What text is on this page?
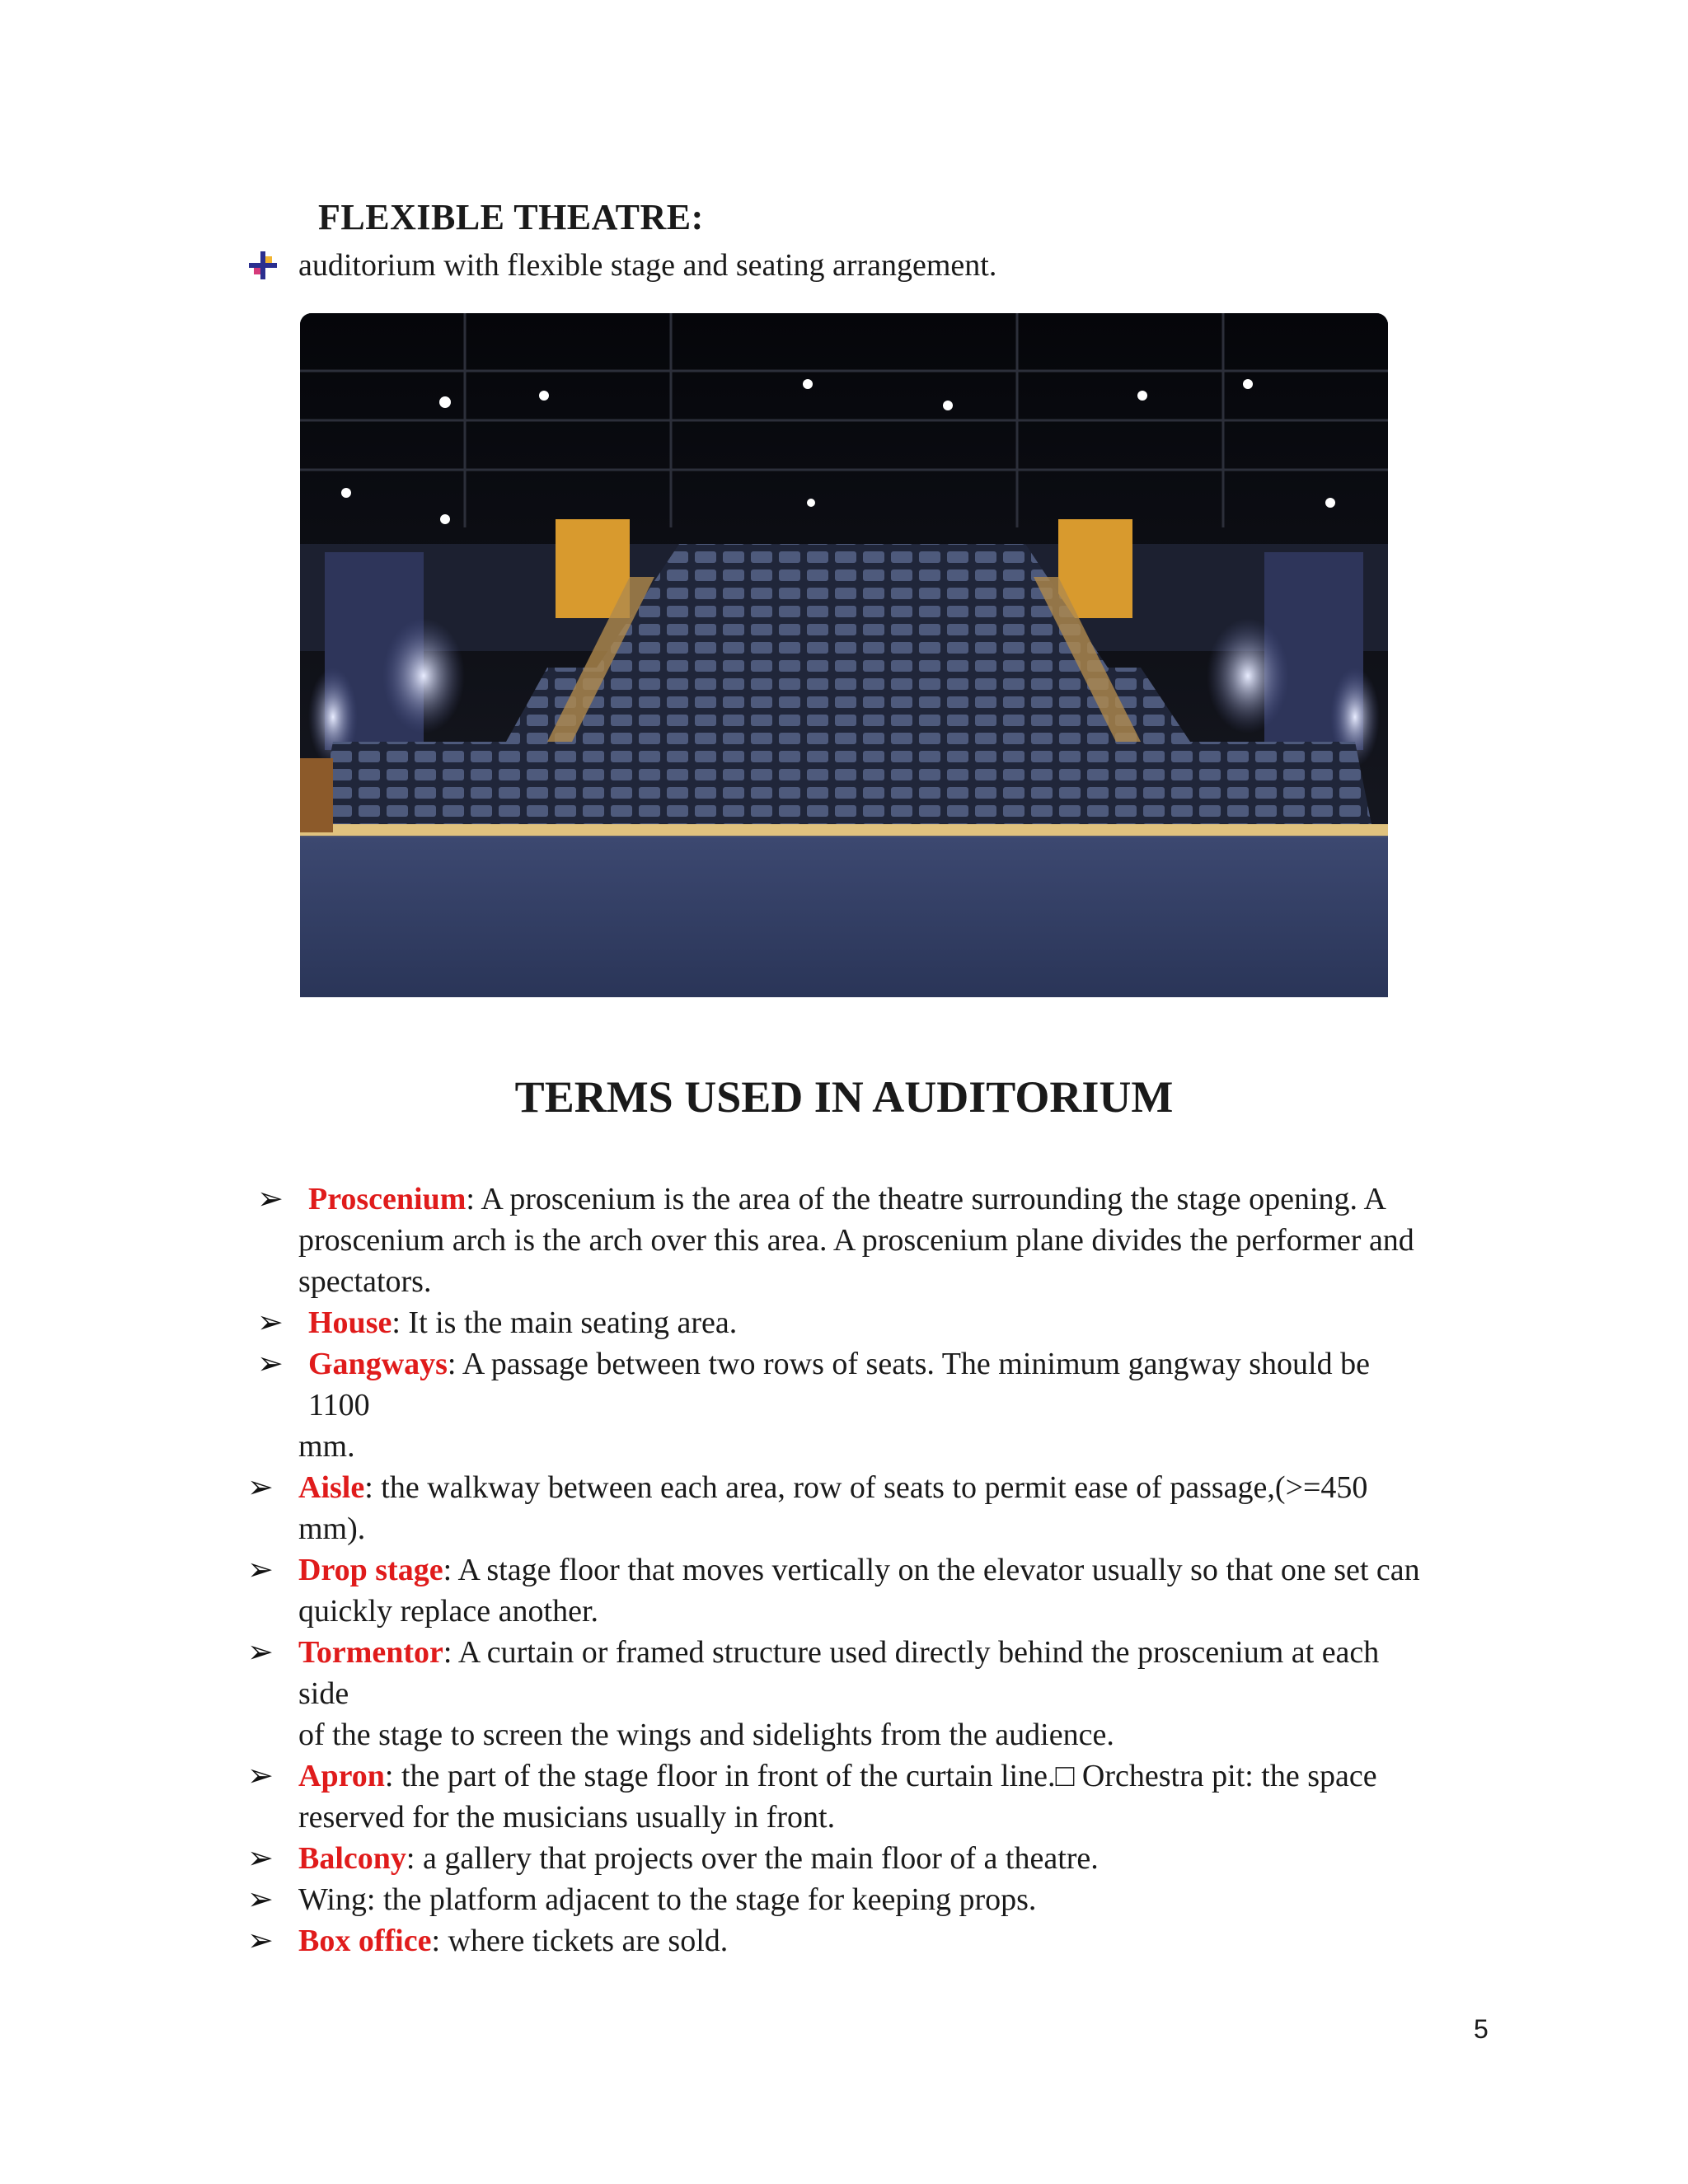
FLEXIBLE THEATRE:
auditorium with flexible stage and seating arrangement.
TERMS USED IN AUDITORIUM
➢ Proscenium: A proscenium is the area of the theatre surrounding the stage opening. A
proscenium arch is the arch over this area. A proscenium plane divides the performer and
spectators.
➢ House: It is the main seating area.
➢ Gangways: A passage between two rows of seats. The minimum gangway should be
1100
mm.
➢ Aisle: the walkway between each area, row of seats to permit ease of passage,(>=450
mm).
➢ Drop stage: A stage floor that moves vertically on the elevator usually so that one set can
quickly replace another.
➢ Tormentor: A curtain or framed structure used directly behind the proscenium at each
side
of the stage to screen the wings and sidelights from the audience.
➢ Apron: the part of the stage floor in front of the curtain line.□ Orchestra pit: the space
reserved for the musicians usually in front.
➢ Balcony: a gallery that projects over the main floor of a theatre.
➢ Wing: the platform adjacent to the stage for keeping props.
➢ Box office: where tickets are sold.
5
